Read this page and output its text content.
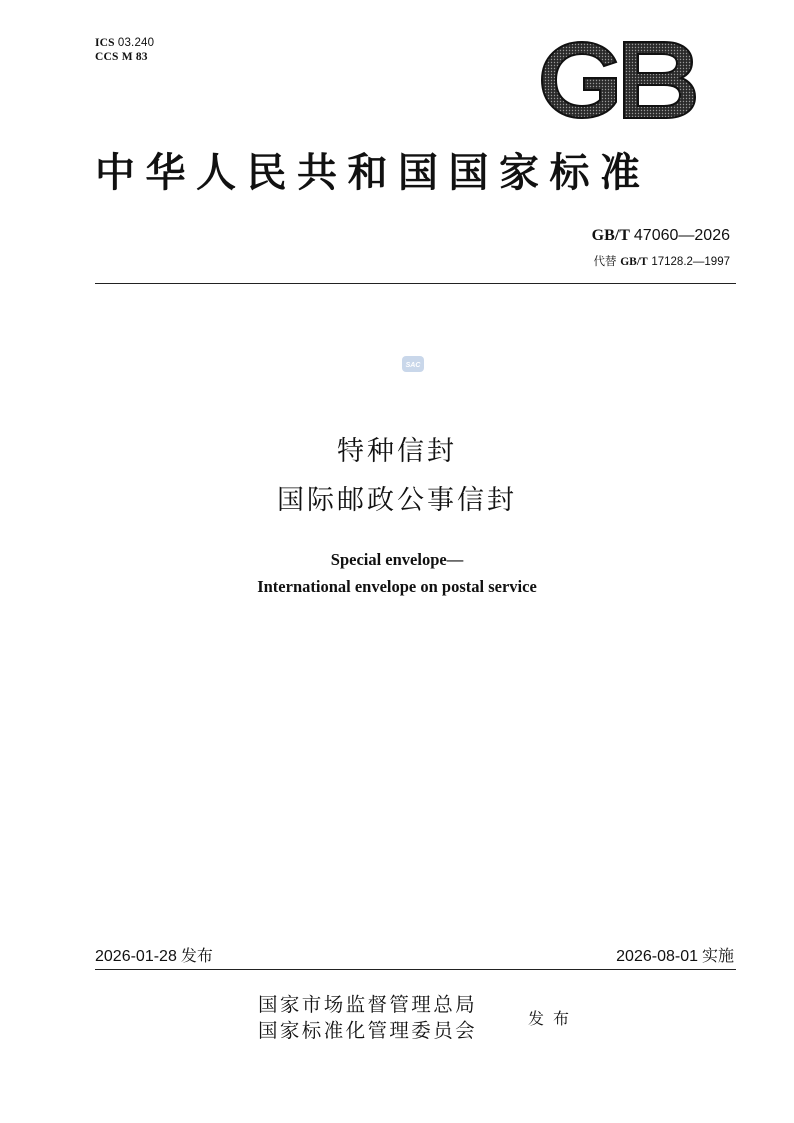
ICS 03.240
CCS M 83
GB
中华人民共和国国家标准
GB/T 47060—2026
代替 GB/T 17128.2—1997
SAC
特种信封
国际邮政公事信封
Special envelope—
International envelope on postal service
2026-01-28 发布	2026-08-01 实施
国家市场监督管理总局
国家标准化管理委员会
发布
